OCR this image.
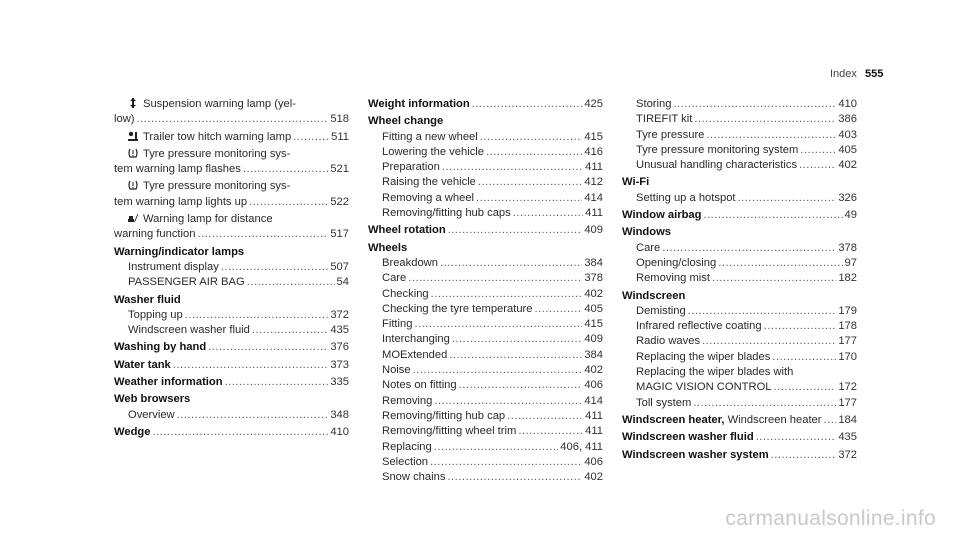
Index 555
Suspension warning lamp (yel-
low) .....	518
Trailer tow hitch warning lamp .....	511
Tyre pressure monitoring sys-
tem warning lamp flashes .....	521
Tyre pressure monitoring sys-
tem warning lamp lights up .....	522
Warning lamp for distance
warning function .....	517
Warning/indicator lamps
Instrument display .....	507
PASSENGER AIR BAG .....	54
Washer fluid
Topping up .....	372
Windscreen washer fluid .....	435
Washing by hand .....	376
Water tank .....	373
Weather information .....	335
Web browsers
Overview .....	348
Wedge .....	410
Weight information .....	425
Wheel change
Fitting a new wheel .....	415
Lowering the vehicle .....	416
Preparation .....	411
Raising the vehicle .....	412
Removing a wheel .....	414
Removing/fitting hub caps .....	411
Wheel rotation .....	409
Wheels
Breakdown .....	384
Care .....	378
Checking .....	402
Checking the tyre temperature .....	405
Fitting .....	415
Interchanging .....	409
MOExtended .....	384
Noise .....	402
Notes on fitting .....	406
Removing .....	414
Removing/fitting hub cap .....	411
Removing/fitting wheel trim .....	411
Replacing .....	406, 411
Selection .....	406
Snow chains .....	402
Storing .....	410
TIREFIT kit .....	386
Tyre pressure .....	403
Tyre pressure monitoring system .....	405
Unusual handling characteristics .....	402
Wi-Fi
Setting up a hotspot .....	326
Window airbag .....	49
Windows
Care .....	378
Opening/closing .....	97
Removing mist .....	182
Windscreen
Demisting .....	179
Infrared reflective coating .....	178
Radio waves .....	177
Replacing the wiper blades .....	170
Replacing the wiper blades with
MAGIC VISION CONTROL .....	172
Toll system .....	177
Windscreen heater,
Windscreen heater ..... 184
Windscreen washer fluid .....	435
Windscreen washer system .....	372
carmanualsonline.info
